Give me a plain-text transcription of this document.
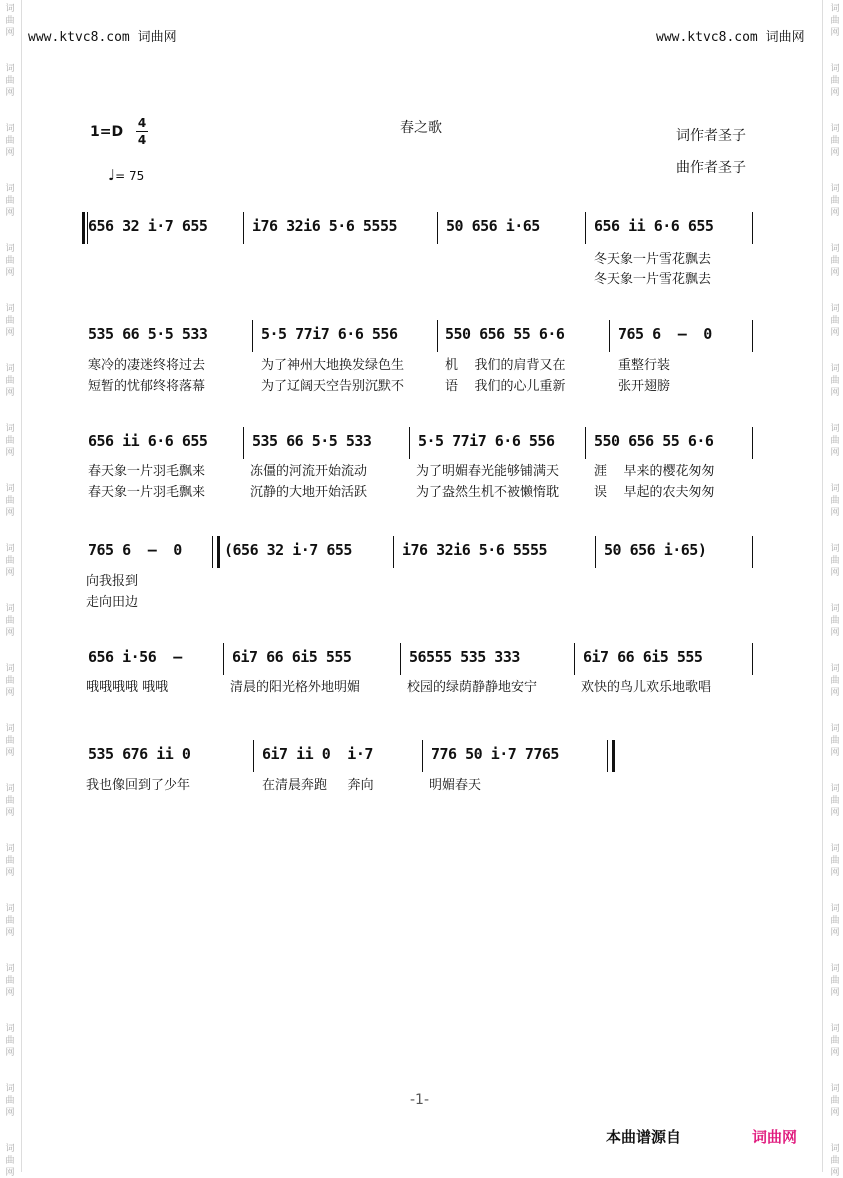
词
曲
网
词
曲
网
词
曲
网
词
曲
网
词
曲
网
词
曲
网
词
曲
网
词
曲
网
词
曲
网
词
曲
网
词
曲
网
词
曲
网
词
曲
网
词
曲
网
词
曲
网
词
曲
网
词
曲
网
词
曲
网
词
曲
网
词
曲
网
词
曲
网
词
曲
网
词
曲
网
词
曲
网
词
曲
网
词
曲
网
词
曲
网
词
曲
网
词
曲
网
词
曲
网
词
曲
网
词
曲
网
词
曲
网
词
曲
网
词
曲
网
词
曲
网
词
曲
网
词
曲
网
词
曲
网
词
曲
网
www.ktvc8.com 词曲网	www.ktvc8.com 词曲网
春之歌	词作者圣子
曲作者圣子
1=D
4
4
♩= 75
656 32 i·7 655	i76 32i6 5·6 5555	50 656 i·65	656 ii 6·6 655
冬天象一片雪花飘去
冬天象一片雪花飘去
535 66 5·5 533	5·5 77i7 6·6 556	550 656 55 6·6	765 6  –  0
寒冷的凄迷终将过去	为了神州大地换发绿色生	机    我们的肩背又在	重整行装
短暂的忧郁终将落幕	为了辽阔天空告别沉默不	语    我们的心儿重新	张开翅膀
656 ii 6·6 655	535 66 5·5 533	5·5 77i7 6·6 556	550 656 55 6·6
春天象一片羽毛飘来	冻僵的河流开始流动	为了明媚春光能够铺满天	涯    早来的樱花匆匆
春天象一片羽毛飘来	沉静的大地开始活跃	为了盎然生机不被懒惰耽	误    早起的农夫匆匆
765 6  –  0	(656 32 i·7 655	i76 32i6 5·6 5555	50 656 i·65)
向我报到
走向田边
656 i·56  –	6i7 66 6i5 555	56555 535 333	6i7 66 6i5 555
哦哦哦哦 哦哦	清晨的阳光格外地明媚	校园的绿荫静静地安宁	欢快的鸟儿欢乐地歌唱
535 676 ii 0	6i7 ii 0  i·7	776 50 i·7 7765
我也像回到了少年	在清晨奔跑     奔向	明媚春天
-1-
本曲谱源自	词曲网
